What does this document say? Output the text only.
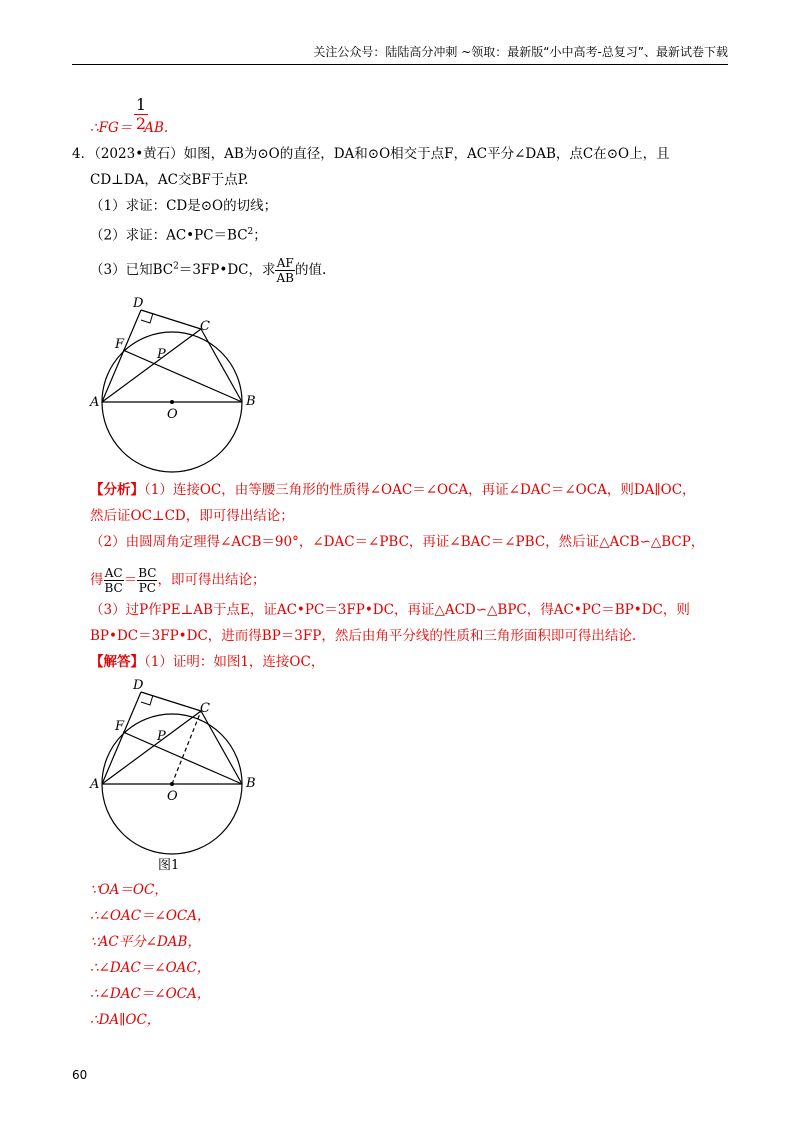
关注公众号：陆陆高分冲刺 ~领取：最新版“小中高考-总复习”、最新试卷下载
$\frac{1}{2}$
∴FG＝ AB.
4．（2023•黄石）如图，AB为⊙O的直径，DA和⊙O相交于点F，AC平分∠DAB，点C在⊙O上，且
CD⊥DA，AC交BF于点P.
（1）求证：CD是⊙O的切线；
（2）求证：$AC•PC=BC^2$；
（3）已知$BC^2=3FP•DC$，求 $\frac{AF}{AB}$ 的值.
D
C
F
P
A
O
B
【分析】（1）连接OC，由等腰三角形的性质得∠OAC＝∠OCA，再证∠DAC＝∠OCA，则DA∥OC，
然后证OC⊥CD，即可得出结论；
（2）由圆周角定理得∠ACB＝90°，∠DAC＝∠PBC，再证∠BAC＝∠PBC，然后证△ACB∽△BCP，
得 $\frac{AC}{BC} = \frac{BC}{PC}$ ，即可得出结论；
（3）过P作PE⊥AB于点E，证AC•PC＝3FP•DC，再证△ACD∽△BPC，得AC•PC＝BP•DC，则
BP•DC＝3FP•DC，进而得BP＝3FP，然后由角平分线的性质和三角形面积即可得出结论.
【解答】（1）证明：如图1，连接OC，
D
C
F
P
A
O
B
图1
∵OA＝OC，
∴∠OAC＝∠OCA，
∵AC平分∠DAB，
∴∠DAC＝∠OAC，
∴∠DAC＝∠OCA，
∴DA∥OC，
60
